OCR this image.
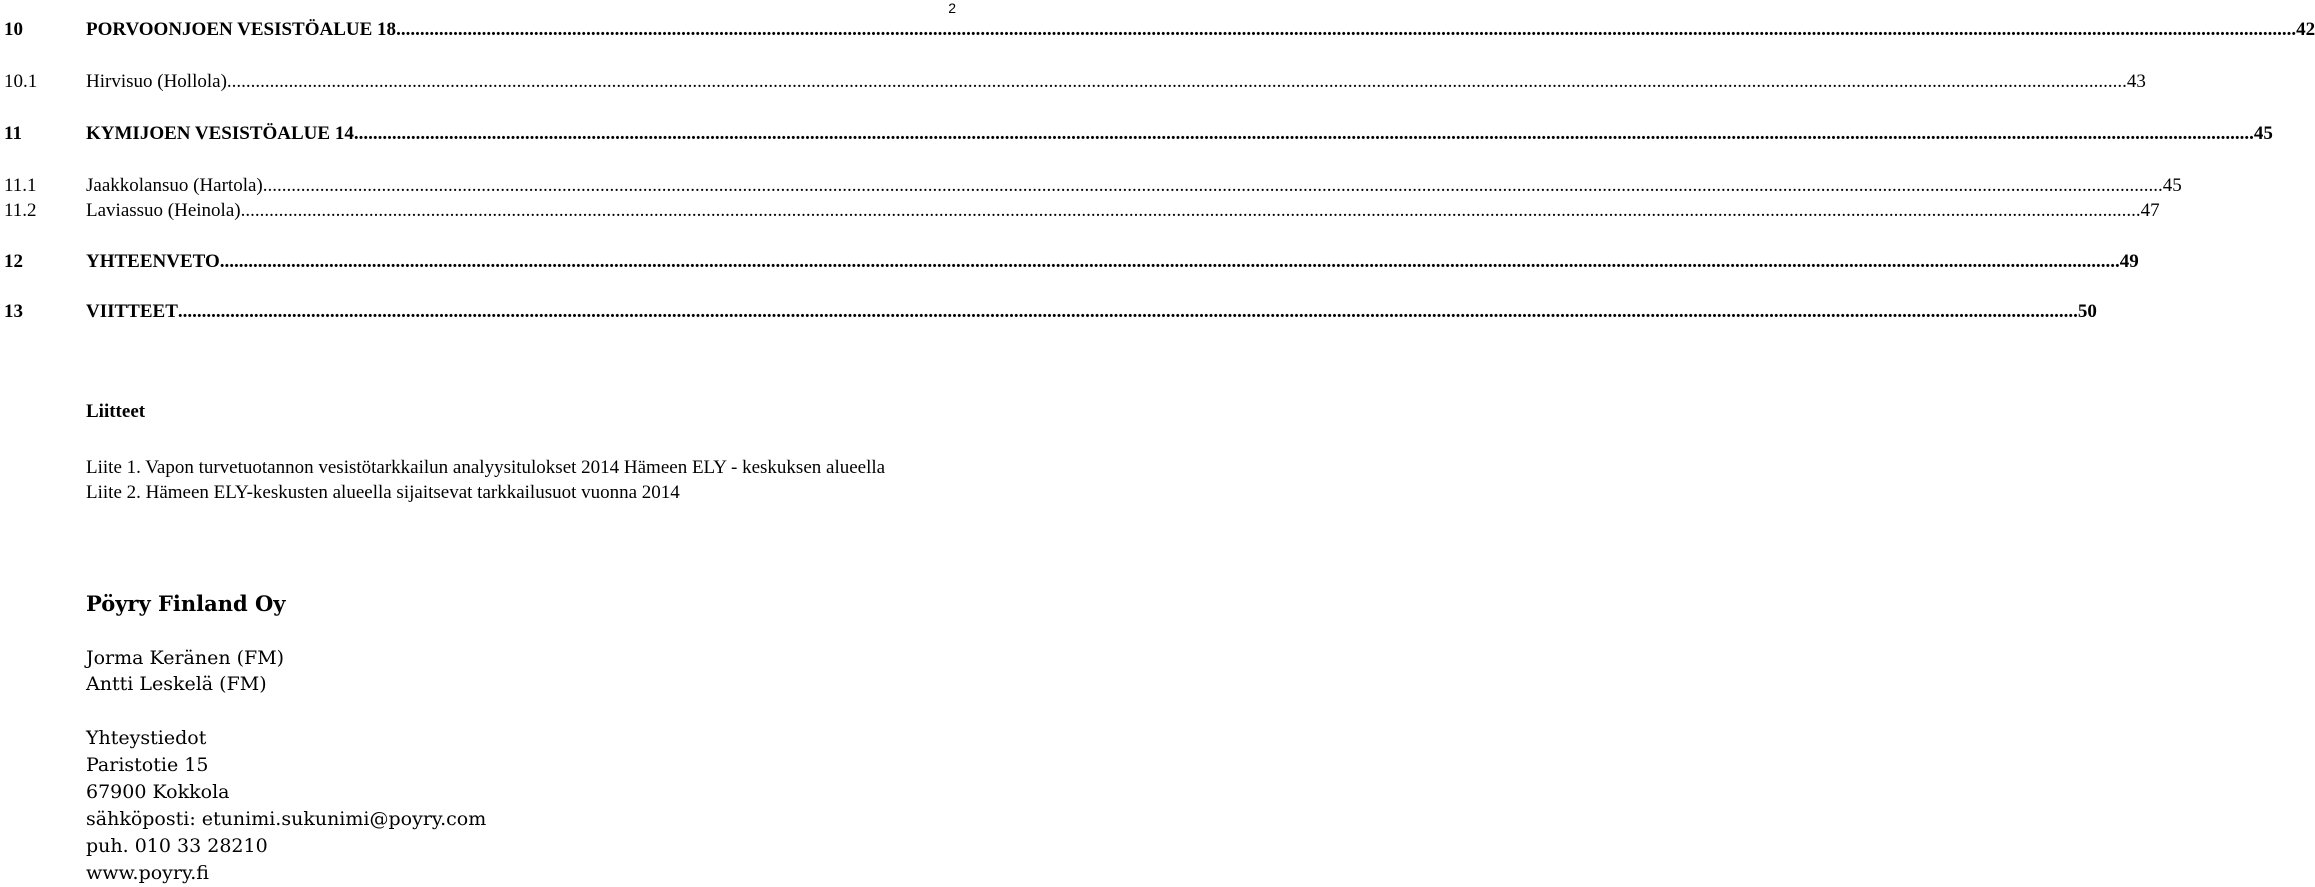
2
10	PORVOONJOEN VESISTÖALUE 18 ................................................................................................................................................................................................................................................................................................................................................................................................................ 42
10.1	Hirvisuo (Hollola) ................................................................................................................................................................................................................................................................................................................................................................................................................ 43
11	KYMIJOEN VESISTÖALUE 14 ................................................................................................................................................................................................................................................................................................................................................................................................................ 45
11.1	Jaakkolansuo (Hartola) ................................................................................................................................................................................................................................................................................................................................................................................................................ 45
11.2	Laviassuo (Heinola) ................................................................................................................................................................................................................................................................................................................................................................................................................ 47
12	YHTEENVETO ................................................................................................................................................................................................................................................................................................................................................................................................................ 49
13	VIITTEET ................................................................................................................................................................................................................................................................................................................................................................................................................ 50
Liitteet

Liite 1. Vapon turvetuotannon vesistötarkkailun analyysitulokset 2014 Hämeen ELY - keskuksen alueella

Liite 2. Hämeen ELY-keskusten alueella sijaitsevat tarkkailusuot vuonna 2014

Pöyry Finland Oy
Jorma Keränen (FM)
Antti Leskelä (FM)
Yhteystiedot
Paristotie 15
67900 Kokkola
sähköposti: etunimi.sukunimi@poyry.com
puh. 010 33 28210
www.poyry.fi
